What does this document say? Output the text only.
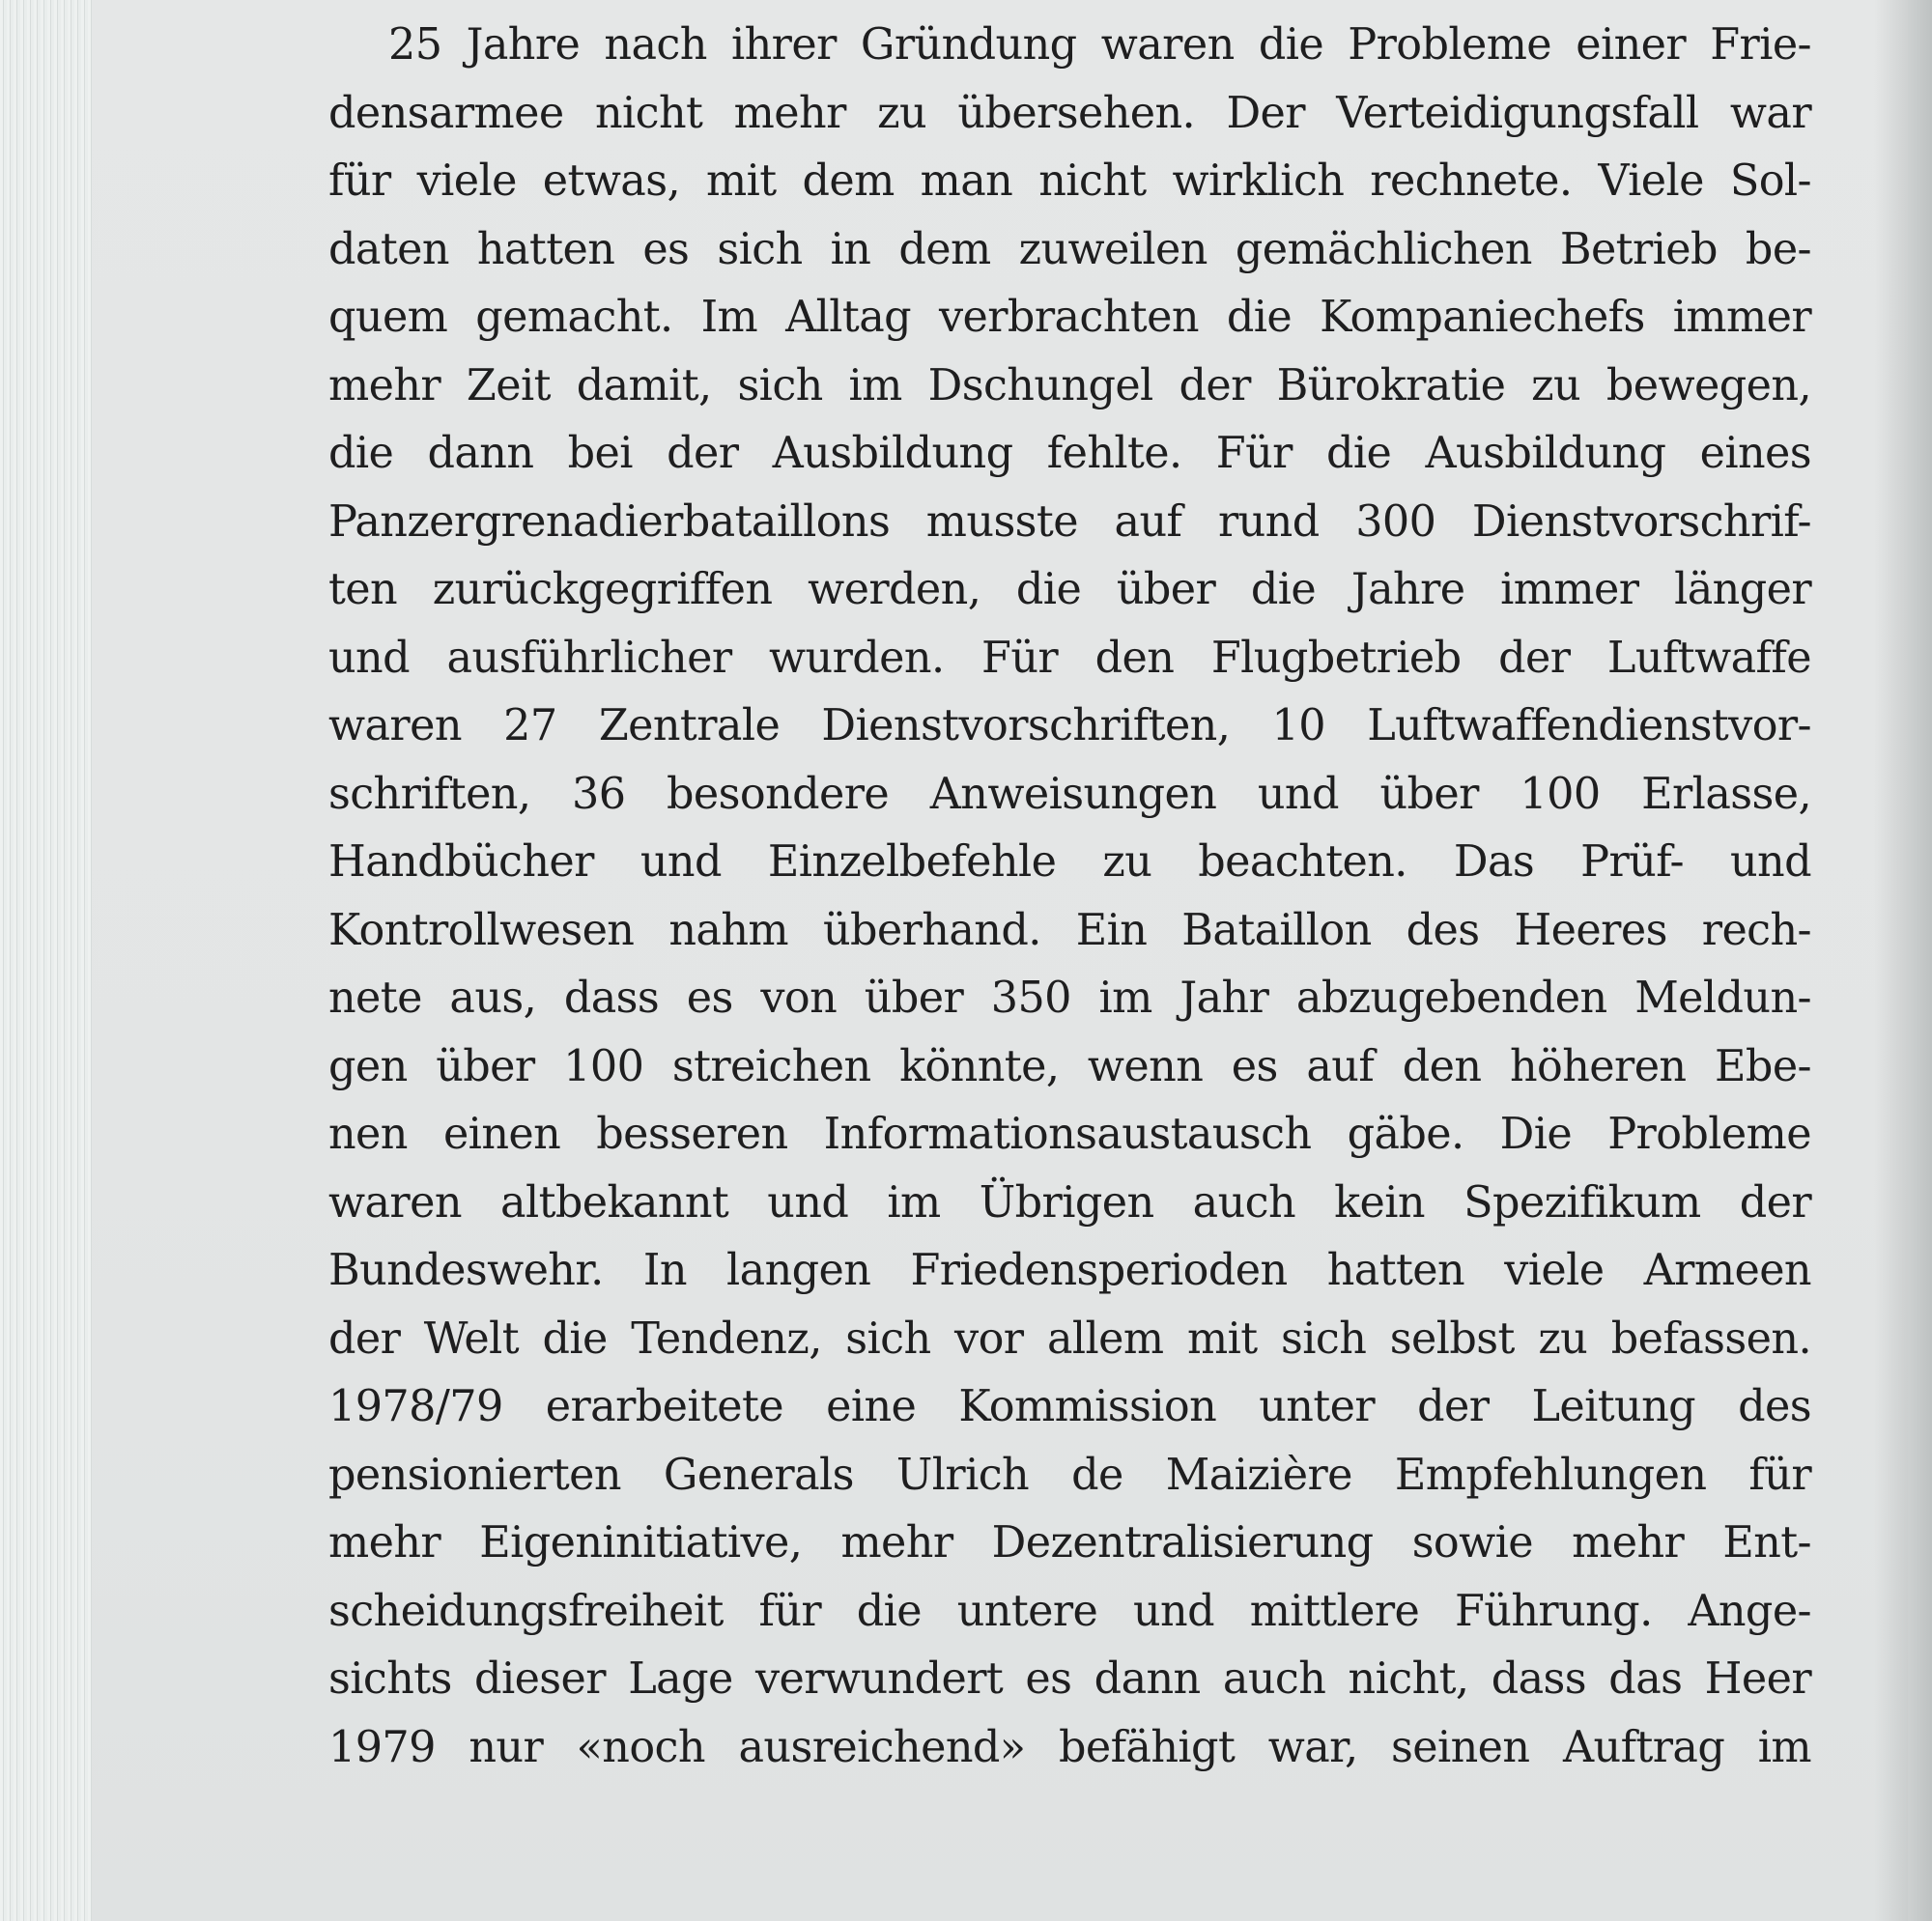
25 Jahre nach ihrer Gründung waren die Probleme einer Frie-
densarmee nicht mehr zu übersehen. Der Verteidigungsfall war
für viele etwas, mit dem man nicht wirklich rechnete. Viele Sol-
daten hatten es sich in dem zuweilen gemächlichen Betrieb be-
quem gemacht. Im Alltag verbrachten die Kompaniechefs immer
mehr Zeit damit, sich im Dschungel der Bürokratie zu bewegen,
die dann bei der Ausbildung fehlte. Für die Ausbildung eines
Panzergrenadierbataillons musste auf rund 300 Dienstvorschrif-
ten zurückgegriffen werden, die über die Jahre immer länger
und ausführlicher wurden. Für den Flugbetrieb der Luftwaffe
waren 27 Zentrale Dienstvorschriften, 10 Luftwaffendienstvor-
schriften, 36 besondere Anweisungen und über 100 Erlasse,
Handbücher und Einzelbefehle zu beachten. Das Prüf- und
Kontrollwesen nahm überhand. Ein Bataillon des Heeres rech-
nete aus, dass es von über 350 im Jahr abzugebenden Meldun-
gen über 100 streichen könnte, wenn es auf den höheren Ebe-
nen einen besseren Informationsaustausch gäbe. Die Probleme
waren altbekannt und im Übrigen auch kein Spezifikum der
Bundeswehr. In langen Friedensperioden hatten viele Armeen
der Welt die Tendenz, sich vor allem mit sich selbst zu befassen.
1978/79 erarbeitete eine Kommission unter der Leitung des
pensionierten Generals Ulrich de Maizière Empfehlungen für
mehr Eigeninitiative, mehr Dezentralisierung sowie mehr Ent-
scheidungsfreiheit für die untere und mittlere Führung. Ange-
sichts dieser Lage verwundert es dann auch nicht, dass das Heer
1979 nur «noch ausreichend» befähigt war, seinen Auftrag im
